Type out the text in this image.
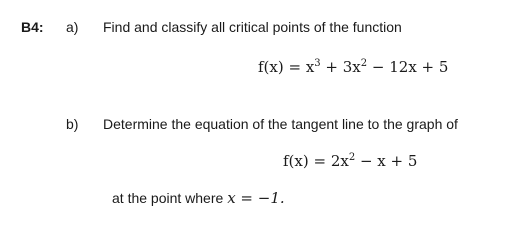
B4: a) Find and classify all critical points of the function
$f(x) = x^3 + 3x^2 - 12x + 5$
b) Determine the equation of the tangent line to the graph of
$f(x) = 2x^2 - x + 5$
at the point where x = −1.
